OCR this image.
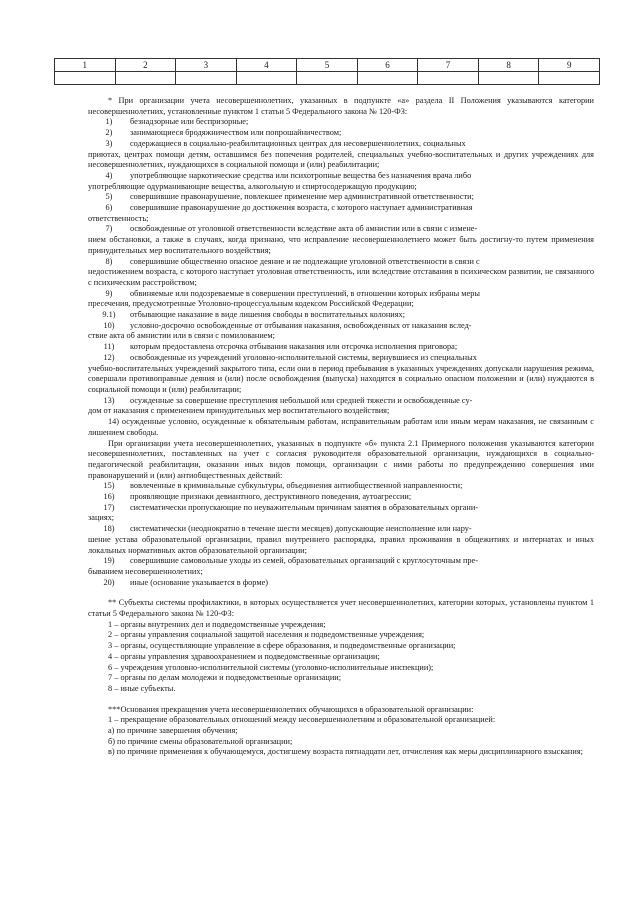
1	2	3	4	5	6	7	8	9

* При организации учета несовершеннолетних, указанных в подпункте «а» раздела II Положения указываются категории несовершеннолетних, установленные пунктом 1 статьи 5 Федерального закона № 120-ФЗ:

1)	безнадзорные или беспризорные;
2)	занимающиеся бродяжничеством или попрошайничеством;
3)	содержащиеся в социально-реабилитационных центрах для несовершеннолетних, социальных

приютах, центрах помощи детям, оставшимся без попечения родителей, специальных учебно-воспитательных и других учреждениях для несовершеннолетних, нуждающихся в социальной помощи и (или) реабилитации;

4)	употребляющие наркотические средства или психотропные вещества без назначения врача либо

употребляющие одурманивающие вещества, алкогольную и спиртосодержащую продукцию;

5)	совершившие правонарушение, повлекшее применение мер административной ответственности;
6)	совершившие правонарушение до достижения возраста, с которого наступает административная

ответственность;

7)	освобожденные от уголовной ответственности вследствие акта об амнистии или в связи с измене-

нием обстановки, а также в случаях, когда признано, что исправление несовершеннолетнего может быть достигну-то путем применения принудительных мер воспитательного воздействия;

8)	совершившие общественно опасное деяние и не подлежащие уголовной ответственности в связи с

недостижением возраста, с которого наступает уголовная ответственность, или вследствие отставания в психическом развитии, не связанного с психическим расстройством;

9)	обвиняемые или подозреваемые в совершении преступлений, в отношении которых избраны меры

пресечения, предусмотренные Уголовно-процессуальным кодексом Российской Федерации;

9.1)	отбывающие наказание в виде лишения свободы в воспитательных колониях;
10)	условно-досрочно освобожденные от отбывания наказания, освобожденных от наказания вслед-

ствие акта об амнистии или в связи с помилованием;

11)	которым предоставлена отсрочка отбывания наказания или отсрочка исполнения приговора;
12)	освобожденные из учреждений уголовно-исполнительной системы, вернувшиеся из специальных

учебно-воспитательных учреждений закрытого типа, если они в период пребывания в указанных учреждениях допускали нарушения режима, совершали противоправные деяния и (или) после освобождения (выпуска) находятся в социально опасном положении и (или) нуждаются в социальной помощи и (или) реабилитации;

13)	осужденные за совершение преступления небольшой или средней тяжести и освобожденные су-

дом от наказания с применением принудительных мер воспитательного воздействия;

14) осужденные условно, осужденные к обязательным работам, исправительным работам или иным мерам наказания, не связанным с лишением свободы.

При организации учета несовершеннолетних, указанных в подпункте «б» пункта 2.1 Примерного положения указываются категории несовершеннолетних, поставленных на учет с согласия руководителя образовательной организации, нуждающихся в социально-педагогической реабилитации, оказании иных видов помощи, организации с ними работы по предупреждению совершения ими правонарушений и (или) антиобщественных действий:

15)	вовлеченные в криминальные субкультуры, объединения антиобщественной направленности;
16)	проявляющие признаки девиантного, деструктивного поведения, аутоагрессии;
17)	систематически пропускающие по неуважительным причинам занятия в образовательных органи-

зациях;

18)	систематически (неоднократно в течение шести месяцев) допускающие неисполнение или нару-

шение устава образовательной организации, правил внутреннего распорядка, правил проживания в общежитиях и интернатах и иных локальных нормативных актов образовательной организации;

19)	совершившие самовольные уходы из семей, образовательных организаций с круглосуточным пре-

быванием несовершеннолетних;

20)	иные (основание указывается в форме)

** Субъекты системы профилактики, в которых осуществляется учет несовершеннолетних, категории которых, установлены пунктом 1 статьи 5 Федерального закона № 120-ФЗ:

1 – органы внутренних дел и подведомственные учреждения;

2 – органы управления социальной защитой населения и подведомственные учреждения;

3 – органы, осуществляющие управление в сфере образования, и подведомственные организации;

4 – органы управления здравоохранением и подведомственные организации;

6 – учреждения уголовно-исполнительной системы (уголовно-исполнительные инспекции);

7 – органы по делам молодежи и подведомственные организации;

8 – иные субъекты.

***Основания прекращения учета несовершеннолетних обучающихся в образовательной организации:

1 – прекращение образовательных отношений между несовершеннолетним и образовательной организацией:

а) по причине завершения обучения;

б) по причине смены образовательной организации;

в) по причине применения к обучающемуся, достигшему возраста пятнадцати лет, отчисления как меры дисциплинарного взыскания;
